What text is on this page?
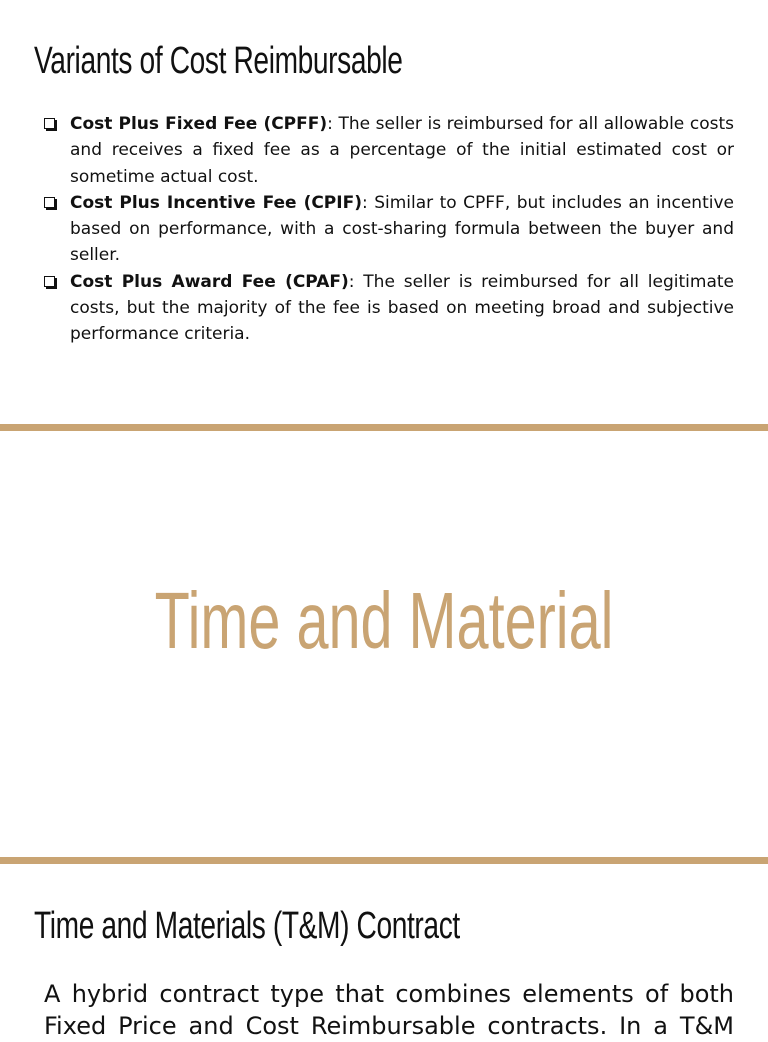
Variants of Cost Reimbursable
Cost Plus Fixed Fee (CPFF): The seller is reimbursed for all allowable costs and receives a fixed fee as a percentage of the initial estimated cost or sometime actual cost.
Cost Plus Incentive Fee (CPIF): Similar to CPFF, but includes an incentive based on performance, with a cost-sharing formula between the buyer and seller.
Cost Plus Award Fee (CPAF): The seller is reimbursed for all legitimate costs, but the majority of the fee is based on meeting broad and subjective performance criteria.
Time and Material
Time and Materials (T&M) Contract

A hybrid contract type that combines elements of both Fixed Price and Cost Reimbursable contracts. In a T&M
